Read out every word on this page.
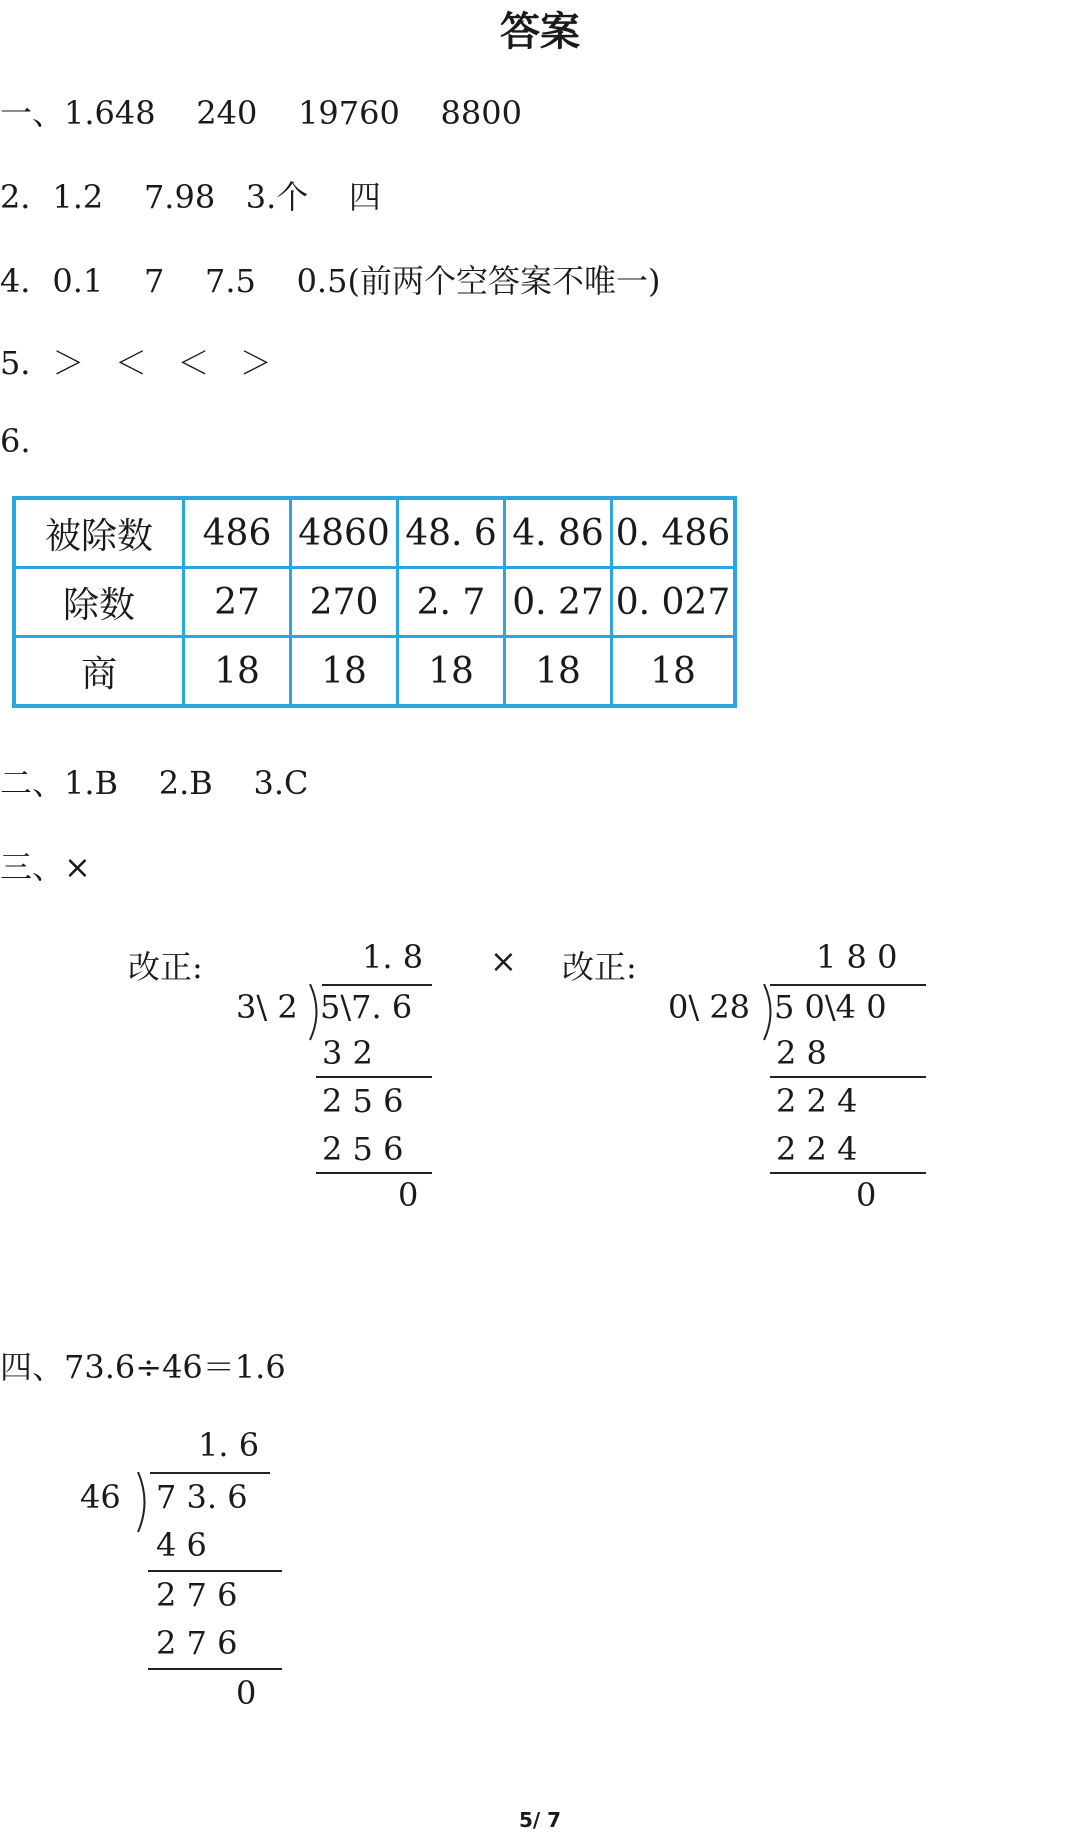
答案
一、1.648    240    19760    8800
2．1.2    7.98   3.个    四
4．0.1    7    7.5    0.5(前两个空答案不唯一)
5．＞   ＜   ＜   ＞
6.
被除数	486	4860	48. 6	4. 86	0. 486
除数	27	270	2. 7	0. 27	0. 027
商	18	18	18	18	18
二、1.B    2.B    3.C
三、×
改正:	1. 8
3\ 2 5\7. 6
3 2
2 5 6
2 5 6
0
× 改正:	1 8 0
0\ 28 5 0\4 0
2 8
2 2 4
2 2 4
0
四、73.6÷46＝1.6
1. 6
46 7 3. 6
4 6
2 7 6
2 7 6
0
5/ 7
